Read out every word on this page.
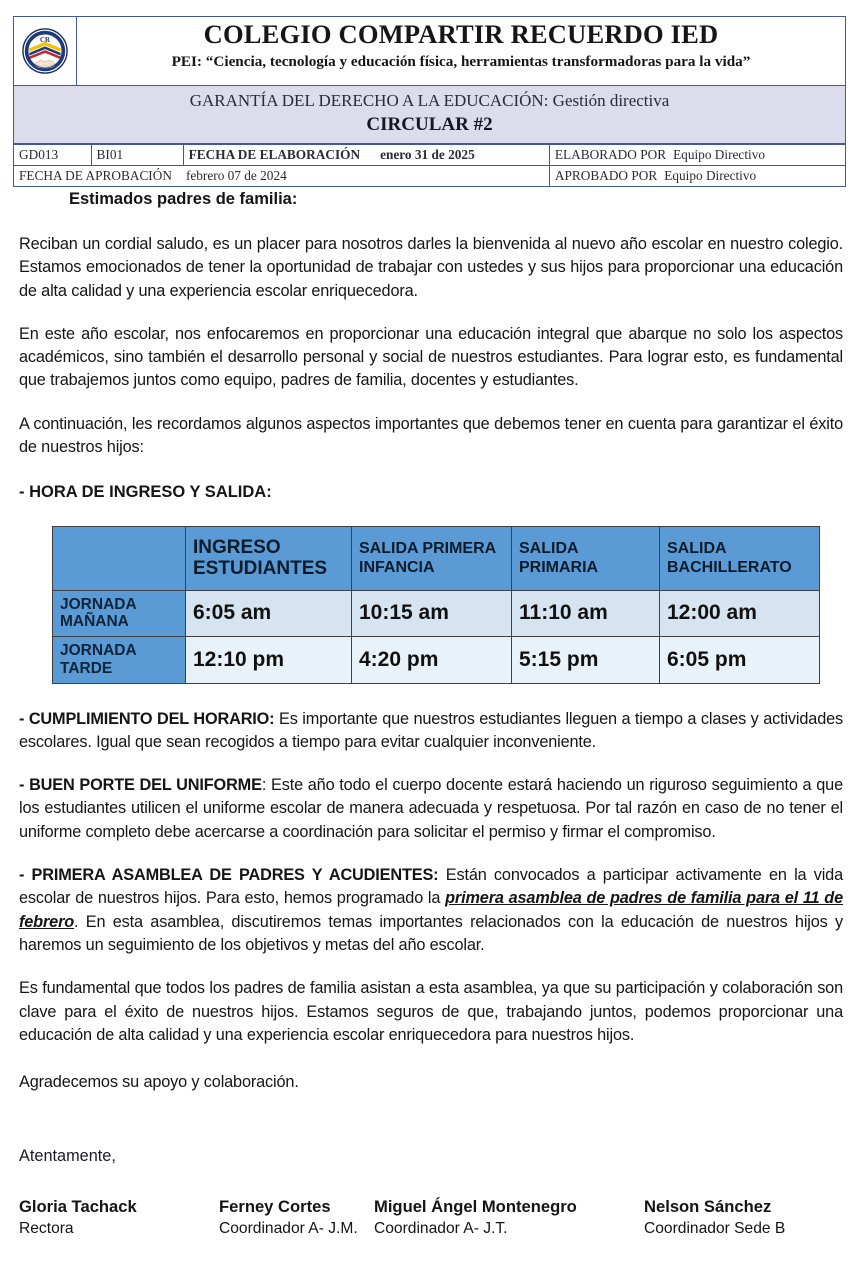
CR	COLEGIO COMPARTIR RECUERDO IED
PEI: “Ciencia, tecnología y educación física, herramientas transformadoras para la vida”
GARANTÍA DEL DERECHO A LA EDUCACIÓN: Gestión directiva
CIRCULAR #2
GD013	BI01	FECHA DE ELABORACIÓN enero 31 de 2025	ELABORADO POR Equipo Directivo
FECHA DE APROBACIÓN febrero 07 de 2024			APROBADO POR Equipo Directivo
Estimados padres de familia:

Reciban un cordial saludo, es un placer para nosotros darles la bienvenida al nuevo año escolar en nuestro colegio. Estamos emocionados de tener la oportunidad de trabajar con ustedes y sus hijos para proporcionar una educación de alta calidad y una experiencia escolar enriquecedora.

En este año escolar, nos enfocaremos en proporcionar una educación integral que abarque no solo los aspectos académicos, sino también el desarrollo personal y social de nuestros estudiantes. Para lograr esto, es fundamental que trabajemos juntos como equipo, padres de familia, docentes y estudiantes.

A continuación, les recordamos algunos aspectos importantes que debemos tener en cuenta para garantizar el éxito de nuestros hijos:

- HORA DE INGRESO Y SALIDA:

	INGRESO ESTUDIANTES	SALIDA PRIMERA INFANCIA	SALIDA PRIMARIA	SALIDA BACHILLERATO
JORNADA MAÑANA	6:05 am	10:15 am	11:10 am	12:00 am
JORNADA TARDE	12:10 pm	4:20 pm	5:15 pm	6:05 pm

- CUMPLIMIENTO DEL HORARIO: Es importante que nuestros estudiantes lleguen a tiempo a clases y actividades escolares. Igual que sean recogidos a tiempo para evitar cualquier inconveniente.

- BUEN PORTE DEL UNIFORME: Este año todo el cuerpo docente estará haciendo un riguroso seguimiento a que los estudiantes utilicen el uniforme escolar de manera adecuada y respetuosa. Por tal razón en caso de no tener el uniforme completo debe acercarse a coordinación para solicitar el permiso y firmar el compromiso.

- PRIMERA ASAMBLEA DE PADRES Y ACUDIENTES: Están convocados a participar activamente en la vida escolar de nuestros hijos. Para esto, hemos programado la primera asamblea de padres de familia para el 11 de febrero. En esta asamblea, discutiremos temas importantes relacionados con la educación de nuestros hijos y haremos un seguimiento de los objetivos y metas del año escolar.

Es fundamental que todos los padres de familia asistan a esta asamblea, ya que su participación y colaboración son clave para el éxito de nuestros hijos. Estamos seguros de que, trabajando juntos, podemos proporcionar una educación de alta calidad y una experiencia escolar enriquecedora para nuestros hijos.

Agradecemos su apoyo y colaboración.

Atentamente,

Gloria Tachack
Rectora
Ferney Cortes
Coordinador A- J.M.
Miguel Ángel Montenegro
Coordinador A- J.T.
Nelson Sánchez
Coordinador Sede B
